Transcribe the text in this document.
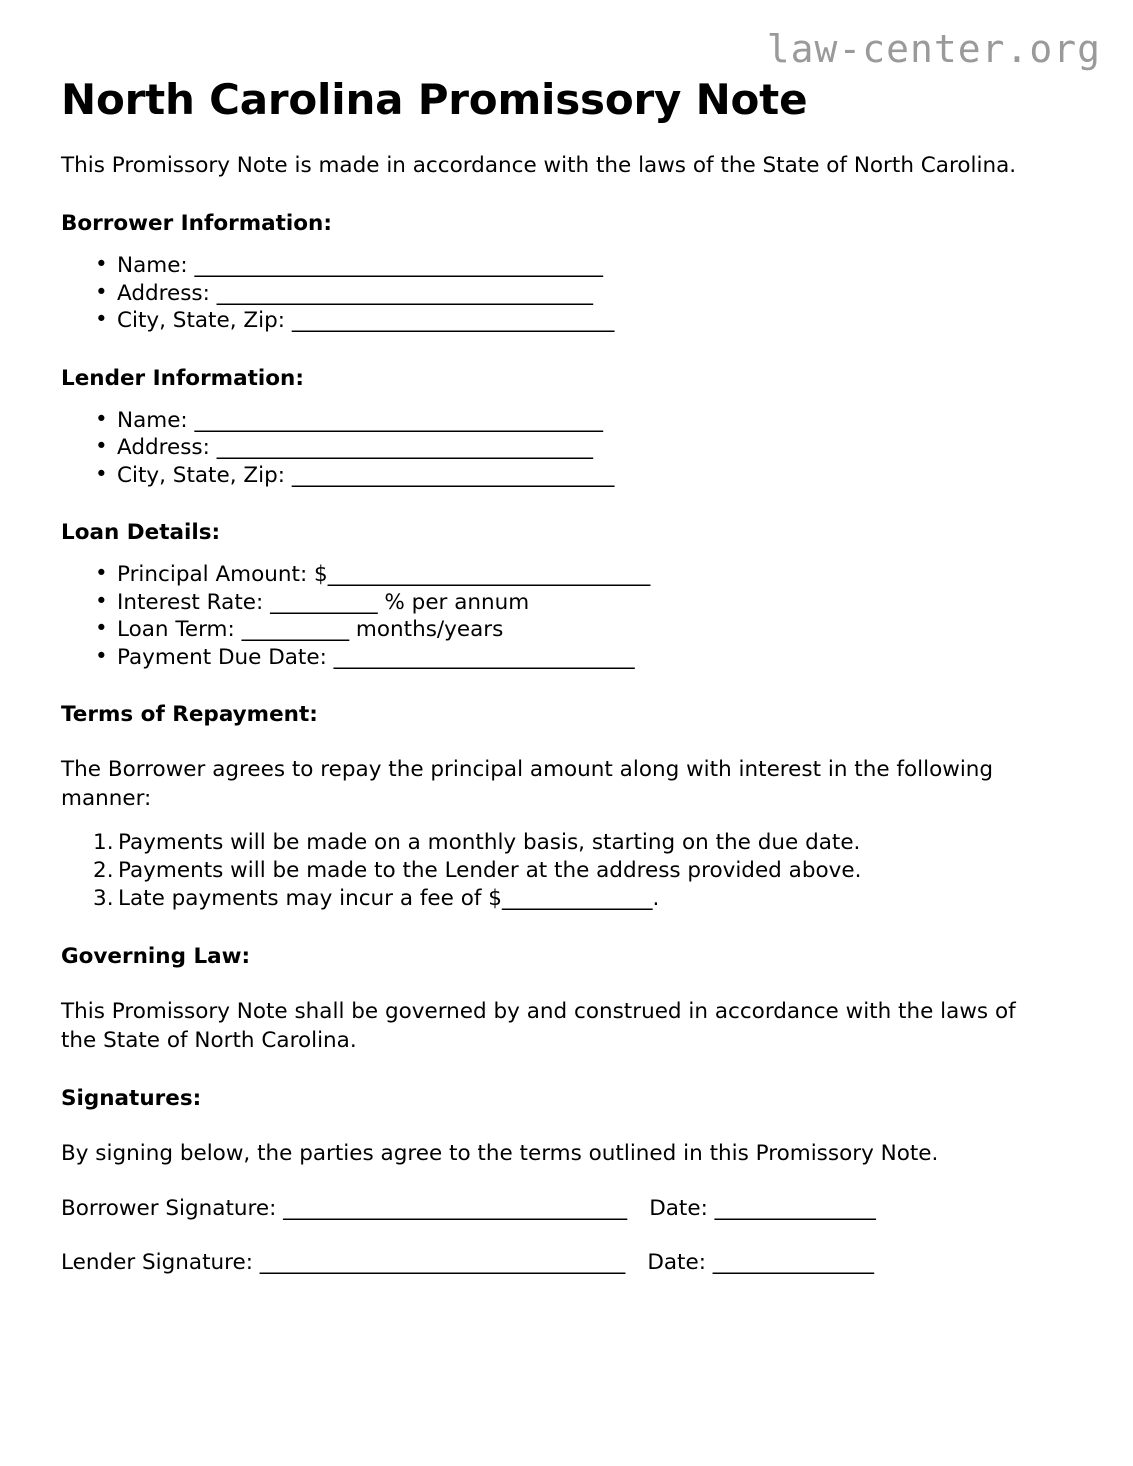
law-center.org
North Carolina Promissory Note

This Promissory Note is made in accordance with the laws of the State of North Carolina.

Borrower Information:
• Name: ______________________________________
• Address: ___________________________________
• City, State, Zip: ______________________________
Lender Information:
• Name: ______________________________________
• Address: ___________________________________
• City, State, Zip: ______________________________
Loan Details:
• Principal Amount: $______________________________
• Interest Rate: __________ % per annum
• Loan Term: __________ months/years
• Payment Due Date: ____________________________
Terms of Repayment:

The Borrower agrees to repay the principal amount along with interest in the following manner:

Payments will be made on a monthly basis, starting on the due date.
Payments will be made to the Lender at the address provided above.
Late payments may incur a fee of $______________.
Governing Law:

This Promissory Note shall be governed by and construed in accordance with the laws of the State of North Carolina.

Signatures:

By signing below, the parties agree to the terms outlined in this Promissory Note.

Borrower Signature: ________________________________ Date: _______________
Lender Signature: __________________________________ Date: _______________
